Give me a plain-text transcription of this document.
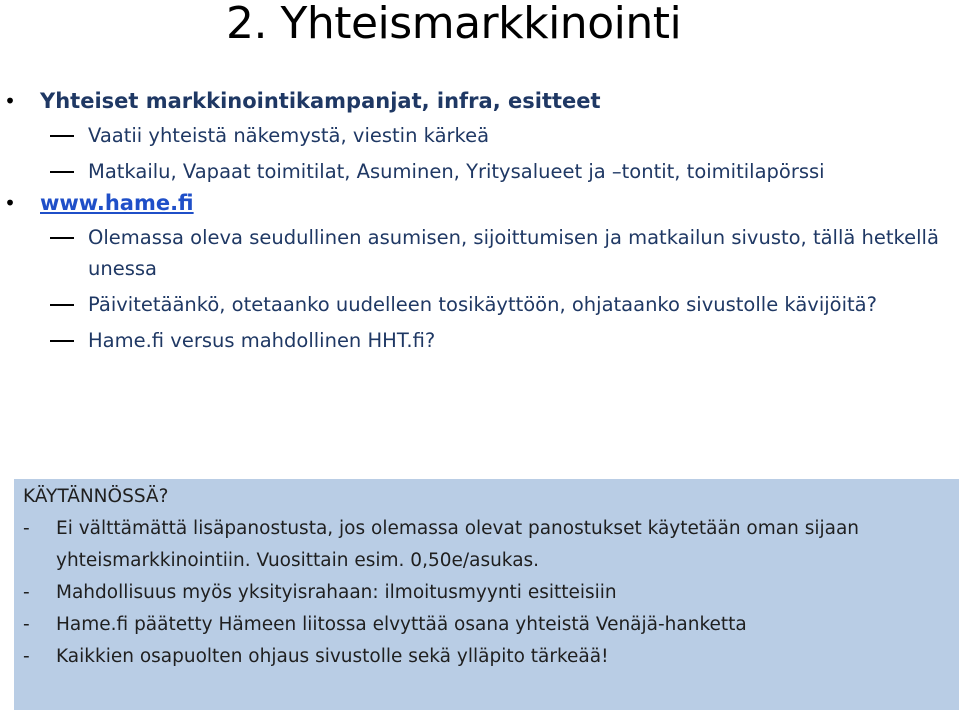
2. Yhteismarkkinointi
• Yhteiset markkinointikampanjat, infra, esitteet
Vaatii yhteistä näkemystä, viestin kärkeä
Matkailu, Vapaat toimitilat, Asuminen, Yritysalueet ja –tontit, toimitilapörssi
• www.hame.fi
Olemassa oleva seudullinen asumisen, sijoittumisen ja matkailun sivusto, tällä hetkellä unessa
Päivitetäänkö, otetaanko uudelleen tosikäyttöön, ohjataanko sivustolle kävijöitä?
Hame.fi versus mahdollinen HHT.fi?
KÄYTÄNNÖSSÄ?
- Ei välttämättä lisäpanostusta, jos olemassa olevat panostukset käytetään oman sijaan yhteismarkkinointiin. Vuosittain esim. 0,50e/asukas.
- Mahdollisuus myös yksityisrahaan: ilmoitusmyynti esitteisiin
- Hame.fi päätetty Hämeen liitossa elvyttää osana yhteistä Venäjä-hanketta
- Kaikkien osapuolten ohjaus sivustolle sekä ylläpito tärkeää!
